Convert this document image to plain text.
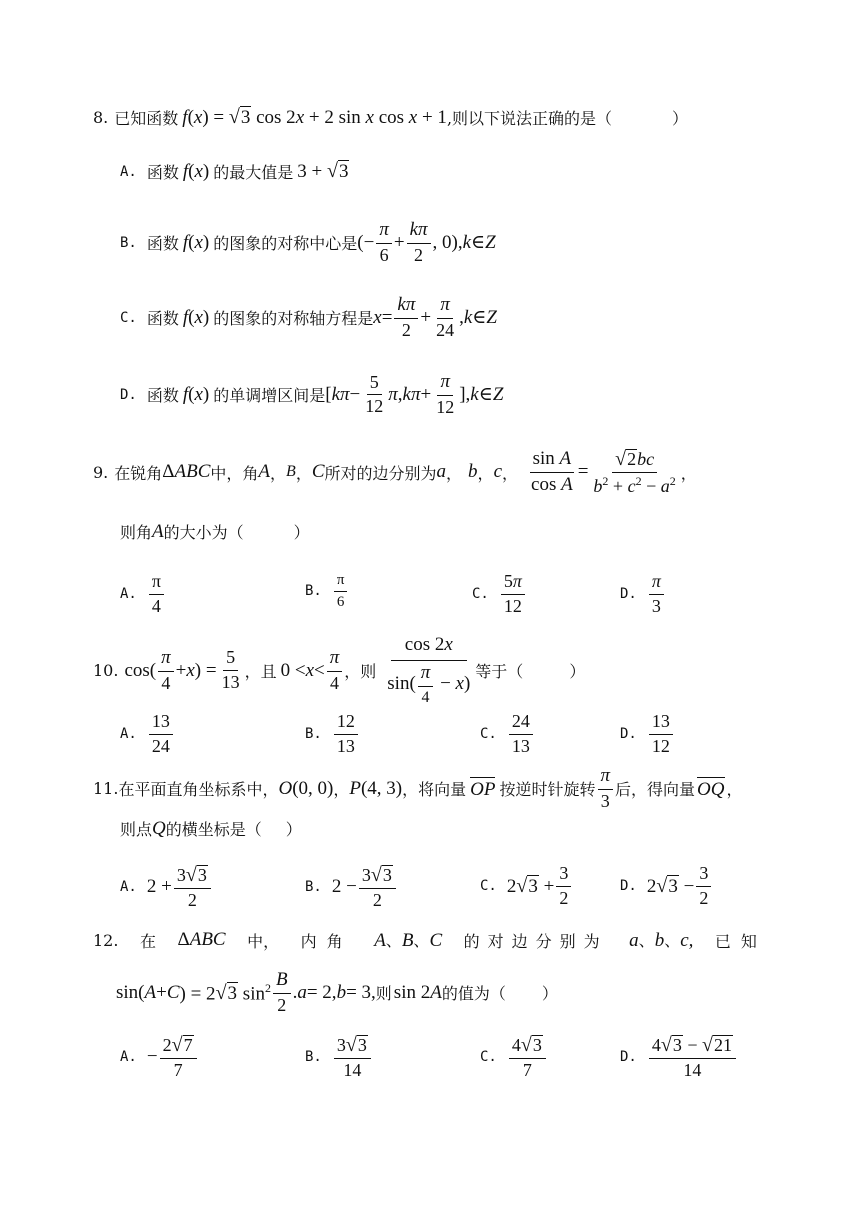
8. 已知函数 f(x) = √ 3 cos 2x + 2 sin x cos x + 1 ,则以下说法正确的是（	）
A. 函数 f(x) 的最大值是 3 + √ 3
B. 函数 f(x) 的图象的对称中心是 (− $\frac{\pi}{6} + \frac{k\pi}{2}$ , 0), k ∈ Z
C. 函数 f(x) 的图象的对称轴方程是 $x = \frac{k\pi}{2} + \frac{\pi}{24}$ , k ∈ Z
D. 函数 f(x) 的单调增区间是 [ $k\pi - \frac{5}{12}$ π , $k\pi + \frac{\pi}{12}$ ], k ∈ Z
9. 在锐角 Δ ABC 中，角 A ， B ， C 所对的边分别为 a ， b ， c ， $\frac{\text{sin A}}{\text{cos A}} = \frac{√ 2 bc}{b^2 + c^2 - a^2}$ ，
则角 A 的大小为（	）
A. $\frac{\pi}{4}$	B. $\frac{\pi}{6}$	C. $\frac{5\pi}{12}$	D. $\frac{\pi}{3}$
10. $\cos( \frac{\pi}{4} + x$ ) = $\frac{5}{13}$ ，且 $0 < x < \frac{\pi}{4}$ ，则 $\frac{\cos 2x}{\sin( \frac{\pi}{4} - x)}$ 等于（	）
A. $\frac{13}{24}$	B. $\frac{12}{13}$	C. $\frac{24}{13}$	D. $\frac{13}{12}$
11. 在平面直角坐标系中， O (0, 0) ， P (4, 3) ，将向量 OP 按逆时针旋转 $\frac{\pi}{3}$ 后，得向量 OQ ，
则点 Q 的横坐标是（ ）
A. $2 + \frac{3 √ 3}{2}$	B. $2 - \frac{3 √ 3}{2}$	C. 2 √ $3 + \frac{3}{2}$	D. 2 √ $3 - \frac{3}{2}$
12. 在 ΔABC 中， 内角 A、B、C 的对边分别为 a、b、c, 已知
sin( A + C ) = 2 √ 3 $\sin^2 \frac{B}{2}$ . a = 2, b = 3, 则 sin 2 A 的值为（ ）
A. − $\frac{2 √ 7}{7}$	B. $\frac{3 √ 3}{14}$	C. $\frac{4 √ 3}{7}$	D. $\frac{4 √ 3 - √ 21}{14}$
